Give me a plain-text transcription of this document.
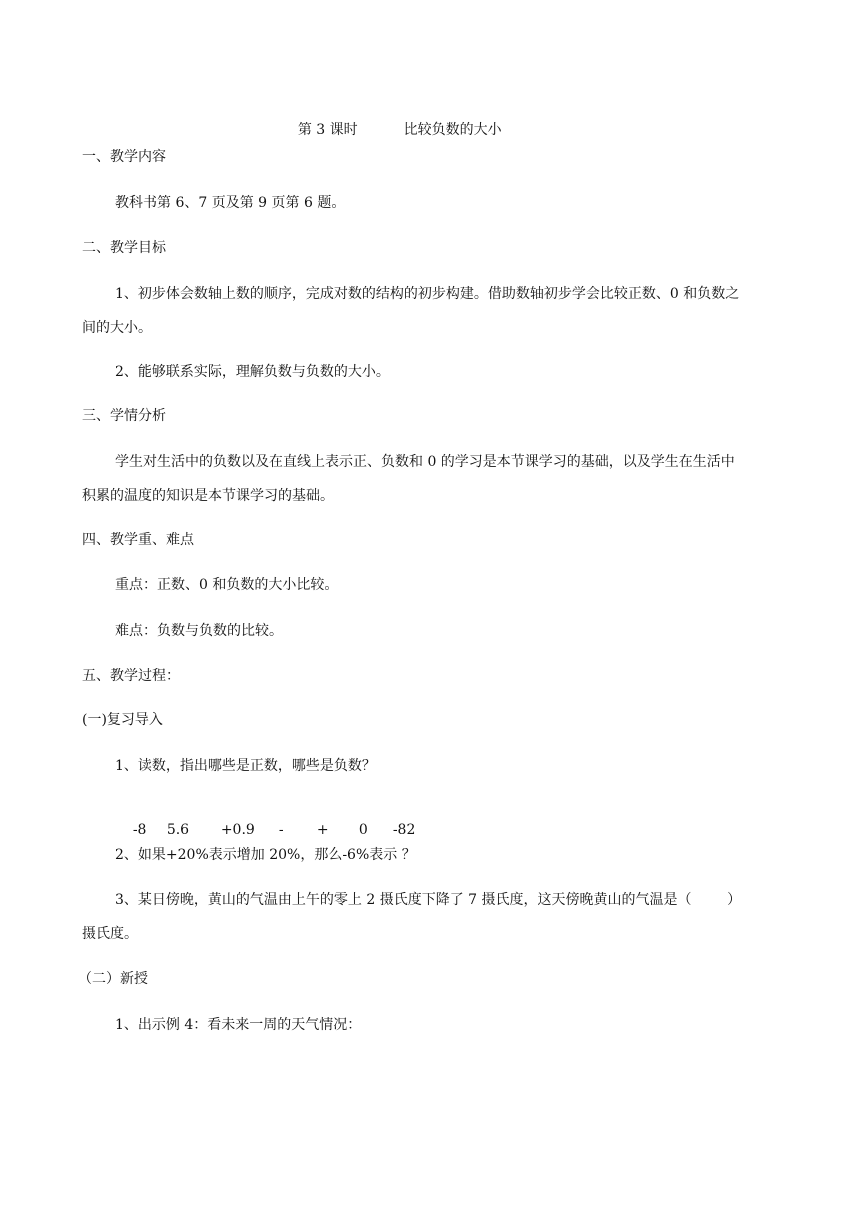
第 3 课时	比较负数的大小

一、教学内容
教科书第 6、7 页及第 9 页第 6 题。
二、教学目标
1、初步体会数轴上数的顺序，完成对数的结构的初步构建。借助数轴初步学会比较正数、0 和负数之
间的大小。
2、能够联系实际，理解负数与负数的大小。
三、学情分析
学生对生活中的负数以及在直线上表示正、负数和 0 的学习是本节课学习的基础，以及学生在生活中
积累的温度的知识是本节课学习的基础。
四、教学重、难点
重点：正数、0 和负数的大小比较。
难点：负数与负数的比较。
五、教学过程：
(一)复习导入
1、读数，指出哪些是正数，哪些是负数？

-8 5.6 +0.9 - + 0 -82

2、如果+20%表示增加 20%，那么-6%表示 ？
3、某日傍晚，黄山的气温由上午的零上 2 摄氏度下降了 7 摄氏度，这天傍晚黄山的气温是（        ）
摄氏度。
（二）新授
1、出示例 4：看未来一周的天气情况：
